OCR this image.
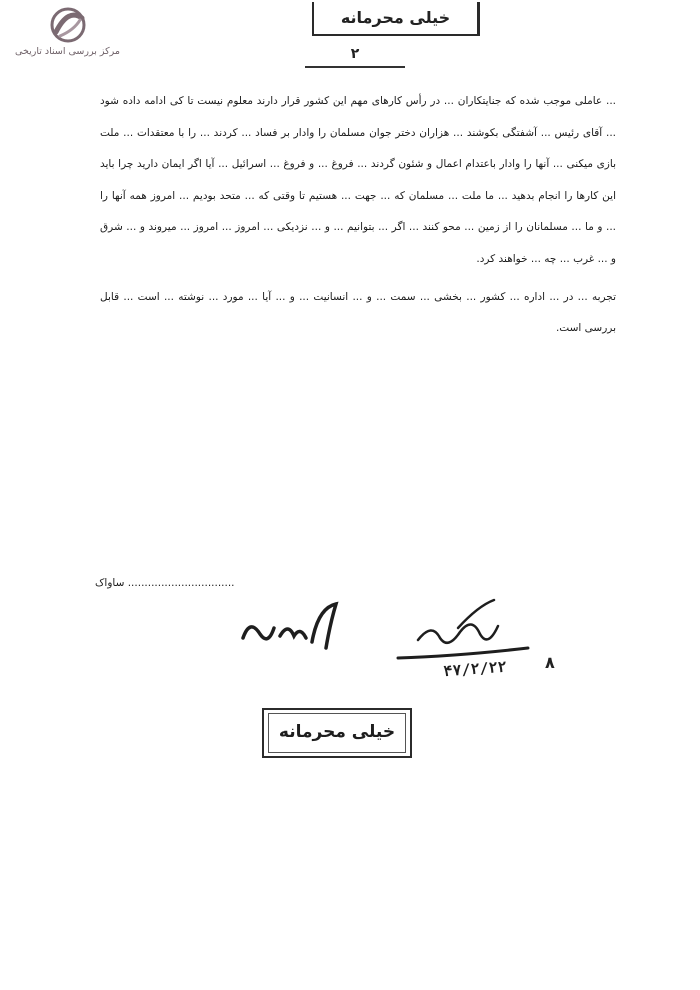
مرکز بررسی اسناد تاریخی
خیلی محرمانه
۲

... عاملی موجب شده که جنایتکاران ... در رأس کارهای مهم این کشور قرار دارند معلوم نیست تا کی ادامه داده شود ... آقای رئیس ... آشفتگی بکوشند ... هزاران دختر جوان مسلمان را وادار بر فساد ... کردند ... را با معتقدات ... ملت بازی میکنی ... آنها را وادار باعتدام اعمال و شئون گردند ... فروغ ... و فروغ ... اسرائیل ... آیا اگر ایمان دارید چرا باید این کارها را انجام بدهید ... ما ملت ... مسلمان که ... جهت ... هستیم تا وقتی که ... متحد بودیم ... امروز همه آنها را ... و ما ... مسلمانان را از زمین ... محو کنند ... اگر ... بتوانیم ... و ... نزدیکی ... امروز ... امروز ... میروند و ... شرق و ... غرب ... چه ... خواهند کرد.

تجربه ... در ... اداره ... کشور ... بخشی ... سمت ... و ... انسانیت ... و ... آیا ... مورد ... نوشته ... است ... قابل بررسی است.

................................ ساواک
۴۷/۲/۲۲	٨
خیلی محرمانه
